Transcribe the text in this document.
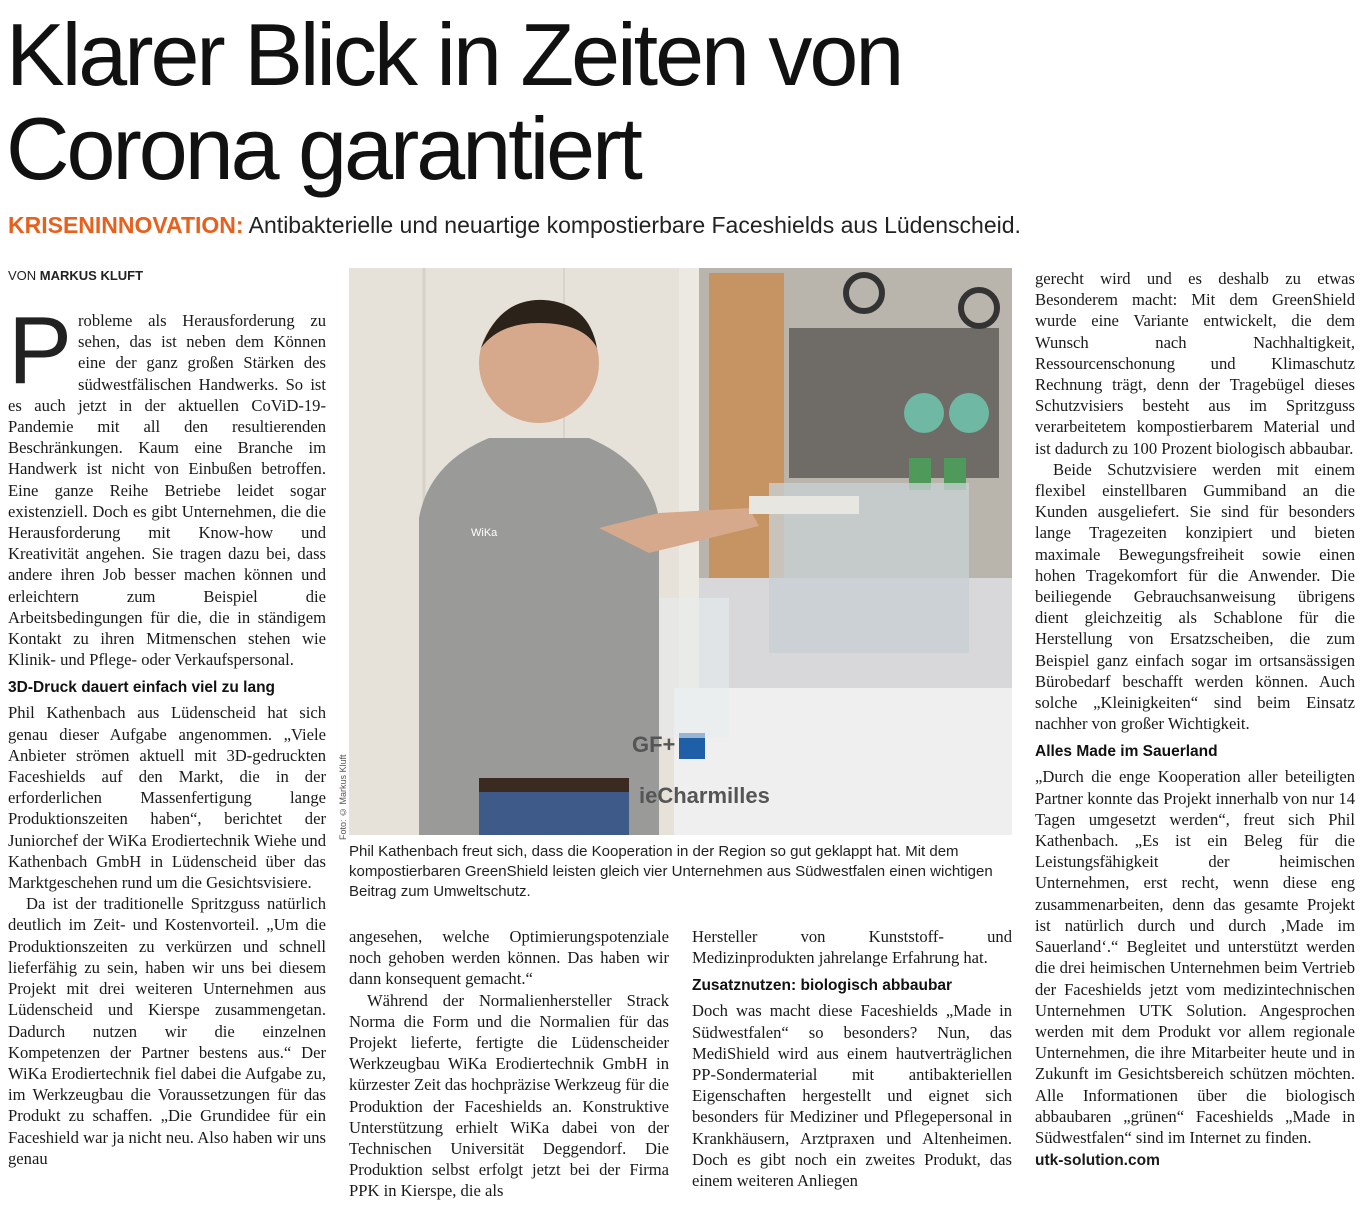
Klarer Blick in Zeiten von Corona garantiert
KRISENINNOVATION: Antibakterielle und neuartige kompostierbare Faceshields aus Lüdenscheid.
VON MARKUS KLUFT

Probleme als Herausforderung zu sehen, das ist neben dem Können eine der ganz großen Stärken des südwestfälischen Handwerks. So ist es auch jetzt in der aktuellen CoViD-19-Pandemie mit all den resultierenden Beschränkungen. Kaum eine Branche im Handwerk ist nicht von Einbußen betroffen. Eine ganze Reihe Betriebe leidet sogar existenziell. Doch es gibt Unternehmen, die die Herausforderung mit Know-how und Kreativität angehen. Sie tragen dazu bei, dass andere ihren Job besser machen können und erleichtern zum Beispiel die Arbeitsbedingungen für die, die in ständigem Kontakt zu ihren Mitmenschen stehen wie Klinik- und Pflege- oder Verkaufspersonal.

3D-Druck dauert einfach viel zu lang

Phil Kathenbach aus Lüdenscheid hat sich genau dieser Aufgabe angenommen. „Viele Anbieter strömen aktuell mit 3D-gedruckten Faceshields auf den Markt, die in der erforderlichen Massenfertigung lange Produktionszeiten haben“, berichtet der Juniorchef der WiKa Erodiertechnik Wiehe und Kathenbach GmbH in Lüdenscheid über das Marktgeschehen rund um die Gesichtsvisiere.

Da ist der traditionelle Spritzguss natürlich deutlich im Zeit- und Kostenvorteil. „Um die Produktionszeiten zu verkürzen und schnell lieferfähig zu sein, haben wir uns bei diesem Projekt mit drei weiteren Unternehmen aus Lüdenscheid und Kierspe zusammengetan. Dadurch nutzen wir die einzelnen Kompetenzen der Partner bestens aus.“ Der WiKa Erodiertechnik fiel dabei die Aufgabe zu, im Werkzeugbau die Voraussetzungen für das Produkt zu schaffen. „Die Grundidee für ein Faceshield war ja nicht neu. Also haben wir uns genau

WiKa
GF+
ieCharmilles
Foto: © Markus Kluft
Phil Kathenbach freut sich, dass die Kooperation in der Region so gut geklappt hat. Mit dem kompostierbaren GreenShield leisten gleich vier Unternehmen aus Südwestfalen einen wichtigen Beitrag zum Umweltschutz.

angesehen, welche Optimierungspotenziale noch gehoben werden können. Das haben wir dann konsequent gemacht.“

Während der Normalienhersteller Strack Norma die Form und die Normalien für das Projekt lieferte, fertigte die Lüdenscheider Werkzeugbau WiKa Erodiertechnik GmbH in kürzester Zeit das hochpräzise Werkzeug für die Produktion der Faceshields an. Konstruktive Unterstützung erhielt WiKa dabei von der Technischen Universität Deggendorf. Die Produktion selbst erfolgt jetzt bei der Firma PPK in Kierspe, die als

Hersteller von Kunststoff- und Medizinprodukten jahrelange Erfahrung hat.

Zusatznutzen: biologisch abbaubar

Doch was macht diese Faceshields „Made in Südwestfalen“ so besonders? Nun, das MediShield wird aus einem hautverträglichen PP-Sondermaterial mit antibakteriellen Eigenschaften hergestellt und eignet sich besonders für Mediziner und Pflegepersonal in Krankhäusern, Arztpraxen und Altenheimen. Doch es gibt noch ein zweites Produkt, das einem weiteren Anliegen

gerecht wird und es deshalb zu etwas Besonderem macht: Mit dem GreenShield wurde eine Variante entwickelt, die dem Wunsch nach Nachhaltigkeit, Ressourcenschonung und Klimaschutz Rechnung trägt, denn der Tragebügel dieses Schutzvisiers besteht aus im Spritzguss verarbeitetem kompostierbarem Material und ist dadurch zu 100 Prozent biologisch abbaubar.

Beide Schutzvisiere werden mit einem flexibel einstellbaren Gummiband an die Kunden ausgeliefert. Sie sind für besonders lange Tragezeiten konzipiert und bieten maximale Bewegungsfreiheit sowie einen hohen Tragekomfort für die Anwender. Die beiliegende Gebrauchsanweisung übrigens dient gleichzeitig als Schablone für die Herstellung von Ersatzscheiben, die zum Beispiel ganz einfach sogar im ortsansässigen Bürobedarf beschafft werden können. Auch solche „Kleinigkeiten“ sind beim Einsatz nachher von großer Wichtigkeit.

Alles Made im Sauerland

„Durch die enge Kooperation aller beteiligten Partner konnte das Projekt innerhalb von nur 14 Tagen umgesetzt werden“, freut sich Phil Kathenbach. „Es ist ein Beleg für die Leistungsfähigkeit der heimischen Unternehmen, erst recht, wenn diese eng zusammenarbeiten, denn das gesamte Projekt ist natürlich durch und durch ‚Made im Sauerland‘.“ Begleitet und unterstützt werden die drei heimischen Unternehmen beim Vertrieb der Faceshields jetzt vom medizintechnischen Unternehmen UTK Solution. Angesprochen werden mit dem Produkt vor allem regionale Unternehmen, die ihre Mitarbeiter heute und in Zukunft im Gesichtsbereich schützen möchten. Alle Informationen über die biologisch abbaubaren „grünen“ Faceshields „Made in Südwestfalen“ sind im Internet zu finden.

utk-solution.com
